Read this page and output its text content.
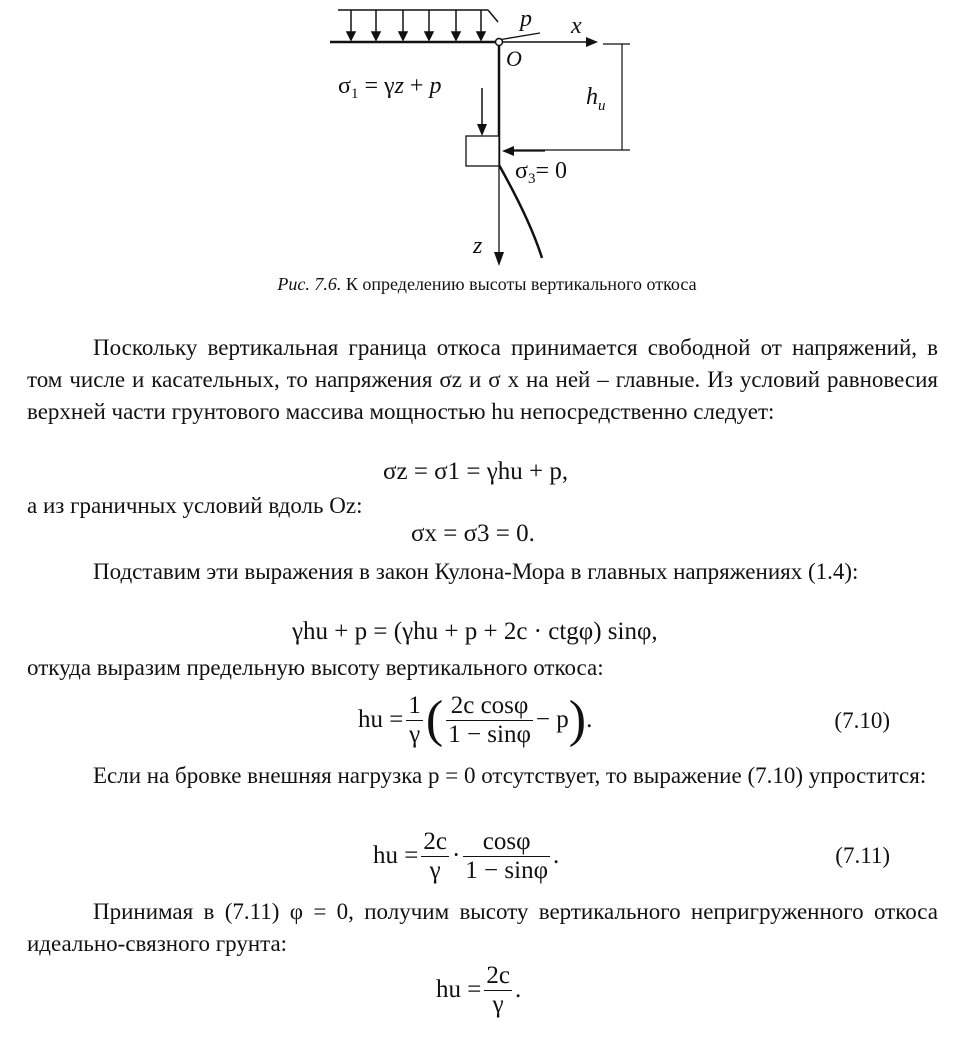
p x
O
z
$\sigma_1 = \gamma z + p$
$\sigma_3= 0$
$h_u$
Рис. 7.6. К определению высоты вертикального откоса
Поскольку вертикальная граница откоса принимается свободной от напряжений, в том числе и касательных, то напряжения σz и σ x на ней – главные. Из условий равновесия верхней части грунтового массива мощностью hu непосредственно следует:
σz = σ1 = γhu + p,
а из граничных условий вдоль Oz:
σx = σ3 = 0.
Подставим эти выражения в закон Кулона-Мора в главных напряжениях (1.4):
γhu + p = (γhu + p + 2c · ctgφ) sinφ,
откуда выразим предельную высоту вертикального откоса:
hu = $\frac{1}{\gamma}$ ( $\frac{\text{2c cosφ}}{1 - \sin\varphi} - p$ ) .	(7.10)
Если на бровке внешняя нагрузка p = 0 отсутствует, то выражение (7.10) упростится:
hu = $\frac{2c}{\gamma} \cdot \frac{\cos\varphi}{1 - \sin\varphi}$ .	(7.11)
Принимая в (7.11) φ = 0, получим высоту вертикального непригруженного откоса идеально-связного грунта:
hu = $\frac{2c}{\gamma}$ .
